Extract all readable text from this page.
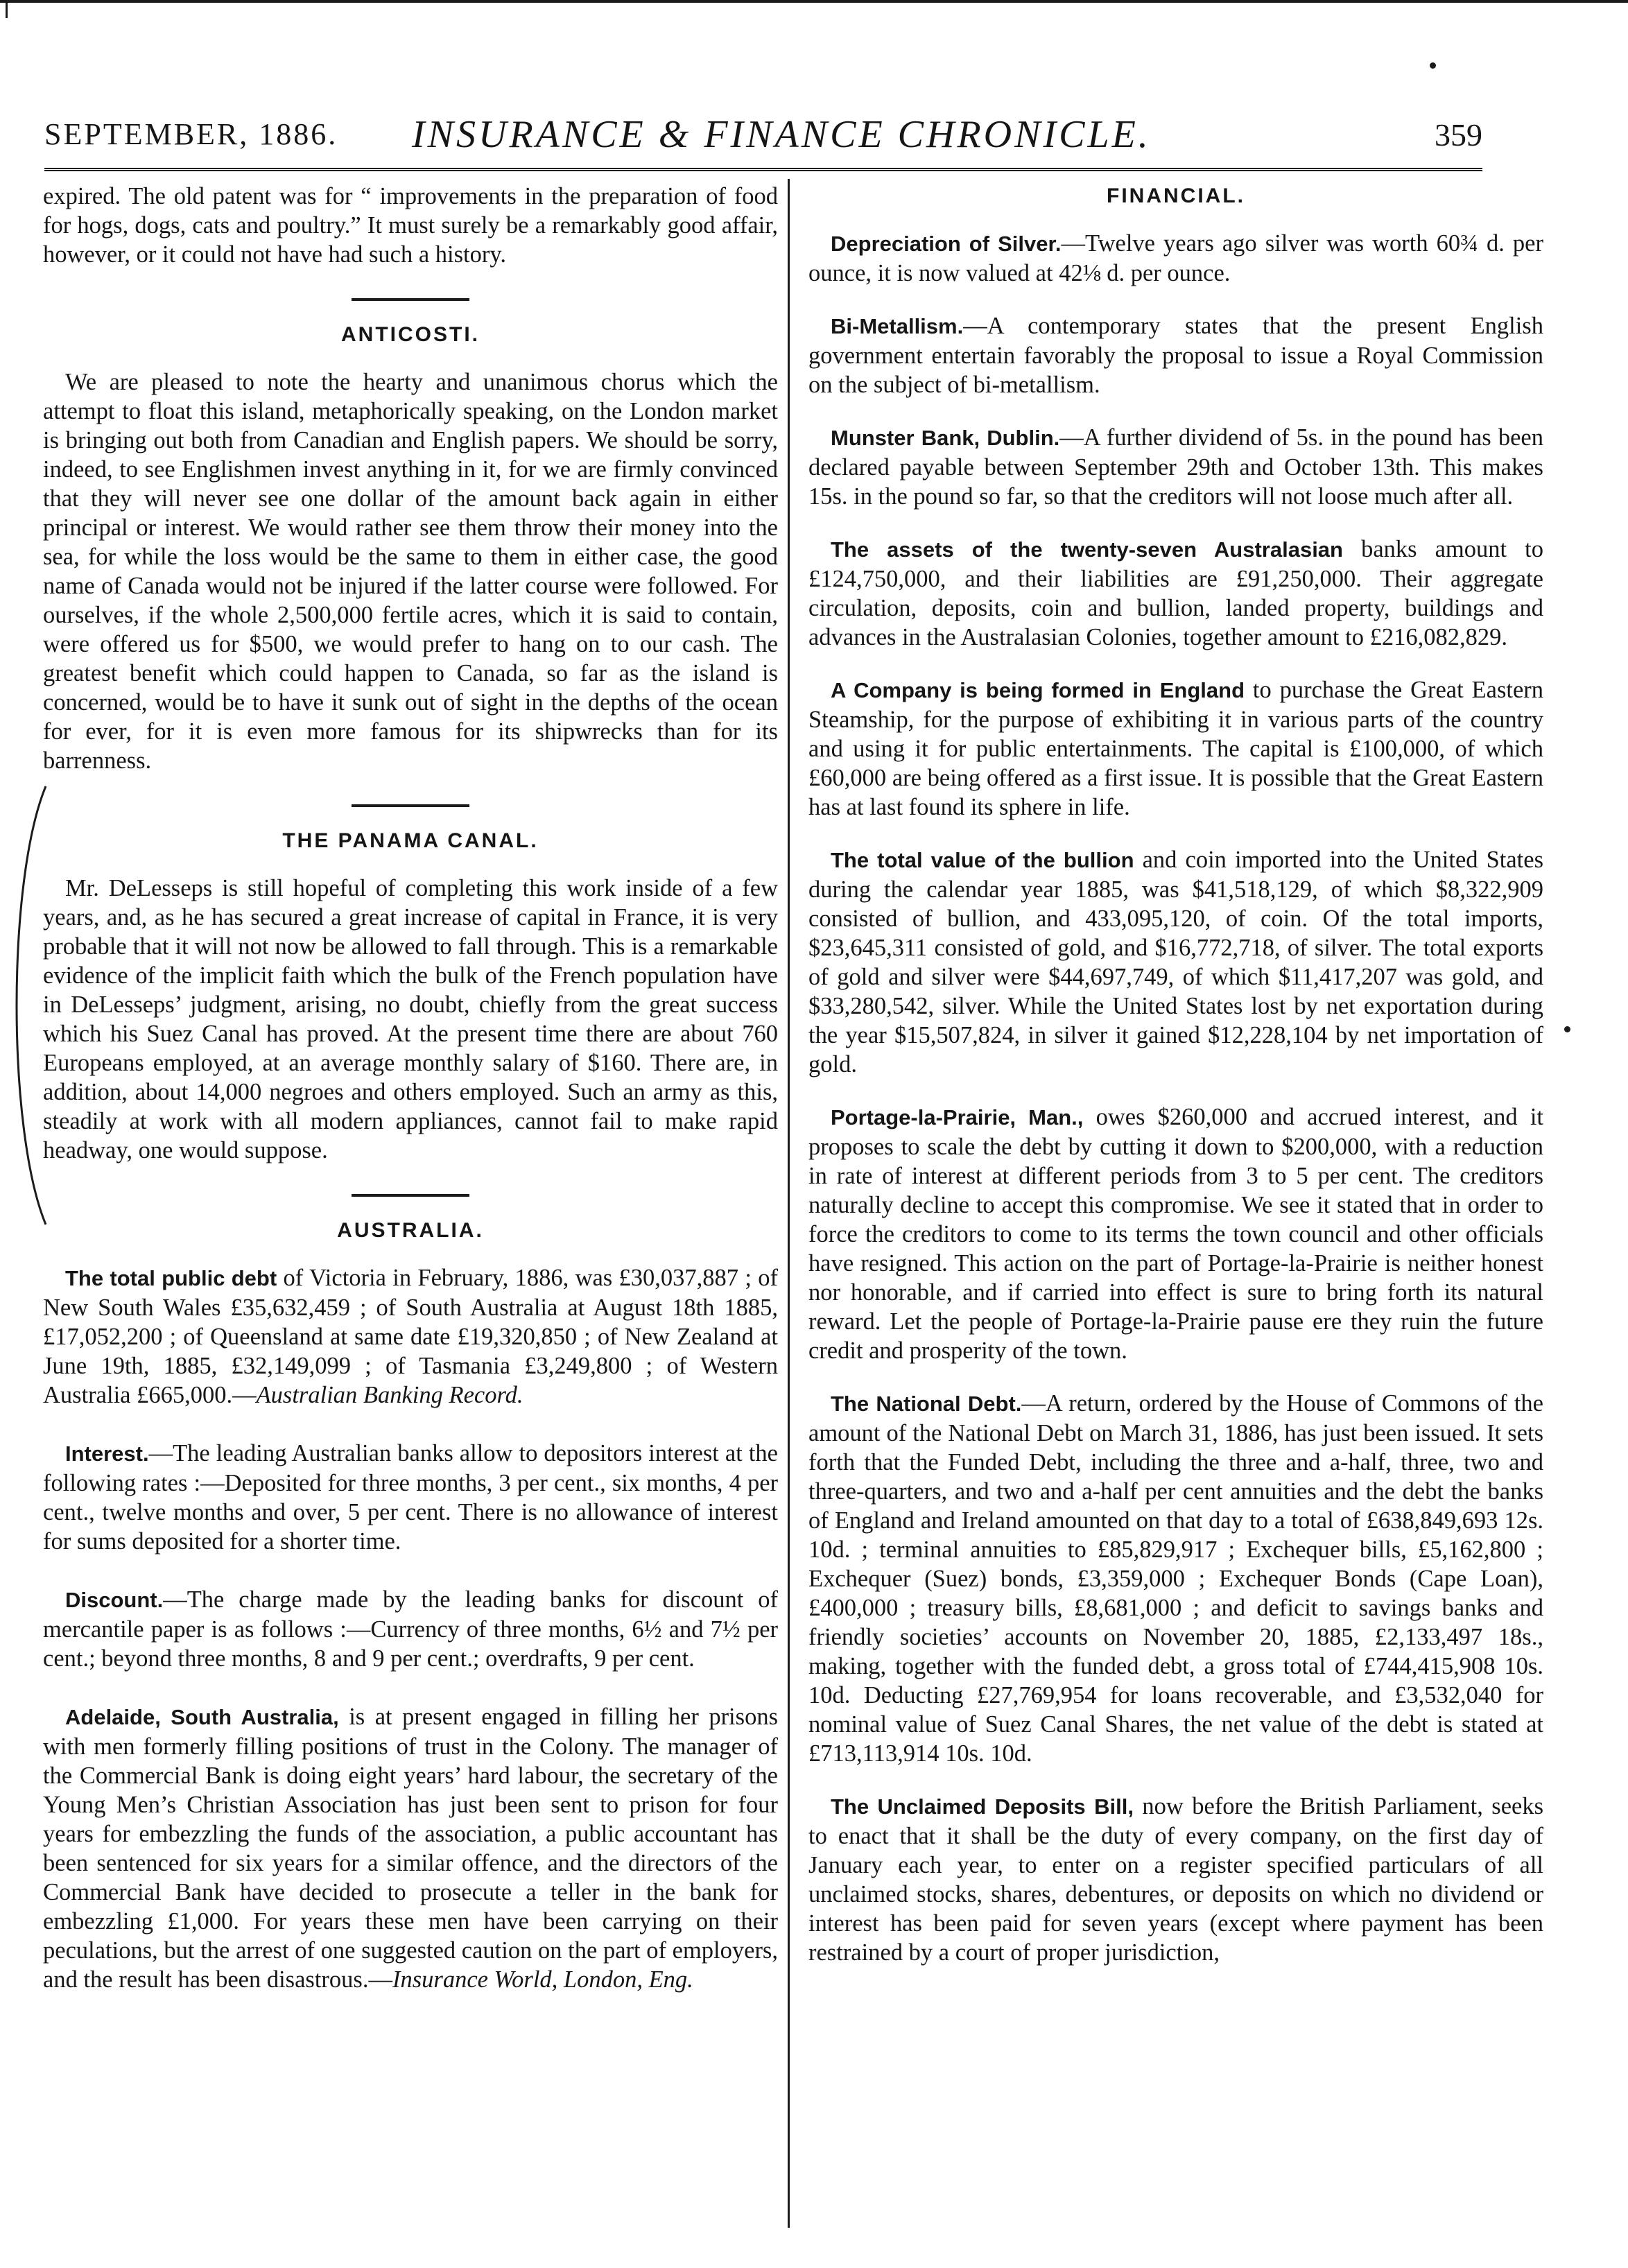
SEPTEMBER, 1886. INSURANCE & FINANCE CHRONICLE.	359

expired. The old patent was for “ improvements in the preparation of food for hogs, dogs, cats and poultry.” It must surely be a remarkably good affair, however, or it could not have had such a history.

ANTICOSTI.

We are pleased to note the hearty and unanimous chorus which the attempt to float this island, metaphorically speaking, on the London market is bringing out both from Canadian and English papers. We should be sorry, indeed, to see Englishmen invest anything in it, for we are firmly convinced that they will never see one dollar of the amount back again in either principal or interest. We would rather see them throw their money into the sea, for while the loss would be the same to them in either case, the good name of Canada would not be injured if the latter course were followed. For ourselves, if the whole 2,500,000 fertile acres, which it is said to contain, were offered us for $500, we would prefer to hang on to our cash. The greatest benefit which could happen to Canada, so far as the island is concerned, would be to have it sunk out of sight in the depths of the ocean for ever, for it is even more famous for its shipwrecks than for its barrenness.

THE PANAMA CANAL.

Mr. DeLesseps is still hopeful of completing this work inside of a few years, and, as he has secured a great increase of capital in France, it is very probable that it will not now be allowed to fall through. This is a remarkable evidence of the implicit faith which the bulk of the French population have in DeLesseps’ judgment, arising, no doubt, chiefly from the great success which his Suez Canal has proved. At the present time there are about 760 Europeans employed, at an average monthly salary of $160. There are, in addition, about 14,000 negroes and others employed. Such an army as this, steadily at work with all modern appliances, cannot fail to make rapid headway, one would suppose.

AUSTRALIA.

The total public debt of Victoria in February, 1886, was £30,037,887 ; of New South Wales £35,632,459 ; of South Australia at August 18th 1885, £17,052,200 ; of Queensland at same date £19,320,850 ; of New Zealand at June 19th, 1885, £32,149,099 ; of Tasmania £3,249,800 ; of Western Australia £665,000.—Australian Banking Record.

Interest.—The leading Australian banks allow to depositors interest at the following rates :—Deposited for three months, 3 per cent., six months, 4 per cent., twelve months and over, 5 per cent. There is no allowance of interest for sums deposited for a shorter time.

Discount.—The charge made by the leading banks for discount of mercantile paper is as follows :—Currency of three months, 6½ and 7½ per cent.; beyond three months, 8 and 9 per cent.; overdrafts, 9 per cent.

Adelaide, South Australia, is at present engaged in filling her prisons with men formerly filling positions of trust in the Colony. The manager of the Commercial Bank is doing eight years’ hard labour, the secretary of the Young Men’s Christian Association has just been sent to prison for four years for embezzling the funds of the association, a public accountant has been sentenced for six years for a similar offence, and the directors of the Commercial Bank have decided to prosecute a teller in the bank for embezzling £1,000. For years these men have been carrying on their peculations, but the arrest of one suggested caution on the part of employers, and the result has been disastrous.—Insurance World, London, Eng.

FINANCIAL.

Depreciation of Silver.—Twelve years ago silver was worth 60¾ d. per ounce, it is now valued at 42⅛ d. per ounce.

Bi-Metallism.—A contemporary states that the present English government entertain favorably the proposal to issue a Royal Commission on the subject of bi-metallism.

Munster Bank, Dublin.—A further dividend of 5s. in the pound has been declared payable between September 29th and October 13th. This makes 15s. in the pound so far, so that the creditors will not loose much after all.

The assets of the twenty-seven Australasian banks amount to £124,750,000, and their liabilities are £91,250,000. Their aggregate circulation, deposits, coin and bullion, landed property, buildings and advances in the Australasian Colonies, together amount to £216,082,829.

A Company is being formed in England to purchase the Great Eastern Steamship, for the purpose of exhibiting it in various parts of the country and using it for public entertainments. The capital is £100,000, of which £60,000 are being offered as a first issue. It is possible that the Great Eastern has at last found its sphere in life.

The total value of the bullion and coin imported into the United States during the calendar year 1885, was $41,518,129, of which $8,322,909 consisted of bullion, and 433,095,120, of coin. Of the total imports, $23,645,311 consisted of gold, and $16,772,718, of silver. The total exports of gold and silver were $44,697,749, of which $11,417,207 was gold, and $33,280,542, silver. While the United States lost by net exportation during the year $15,507,824, in silver it gained $12,228,104 by net importation of gold.

Portage-la-Prairie, Man., owes $260,000 and accrued interest, and it proposes to scale the debt by cutting it down to $200,000, with a reduction in rate of interest at different periods from 3 to 5 per cent. The creditors naturally decline to accept this compromise. We see it stated that in order to force the creditors to come to its terms the town council and other officials have resigned. This action on the part of Portage-la-Prairie is neither honest nor honorable, and if carried into effect is sure to bring forth its natural reward. Let the people of Portage-la-Prairie pause ere they ruin the future credit and prosperity of the town.

The National Debt.—A return, ordered by the House of Commons of the amount of the National Debt on March 31, 1886, has just been issued. It sets forth that the Funded Debt, including the three and a-half, three, two and three-quarters, and two and a-half per cent annuities and the debt the banks of England and Ireland amounted on that day to a total of £638,849,693 12s. 10d. ; terminal annuities to £85,829,917 ; Exchequer bills, £5,162,800 ; Exchequer (Suez) bonds, £3,359,000 ; Exchequer Bonds (Cape Loan), £400,000 ; treasury bills, £8,681,000 ; and deficit to savings banks and friendly societies’ accounts on November 20, 1885, £2,133,497 18s., making, together with the funded debt, a gross total of £744,415,908 10s. 10d. Deducting £27,769,954 for loans recoverable, and £3,532,040 for nominal value of Suez Canal Shares, the net value of the debt is stated at £713,113,914 10s. 10d.

The Unclaimed Deposits Bill, now before the British Parliament, seeks to enact that it shall be the duty of every company, on the first day of January each year, to enter on a register specified particulars of all unclaimed stocks, shares, debentures, or deposits on which no dividend or interest has been paid for seven years (except where payment has been restrained by a court of proper jurisdiction,
